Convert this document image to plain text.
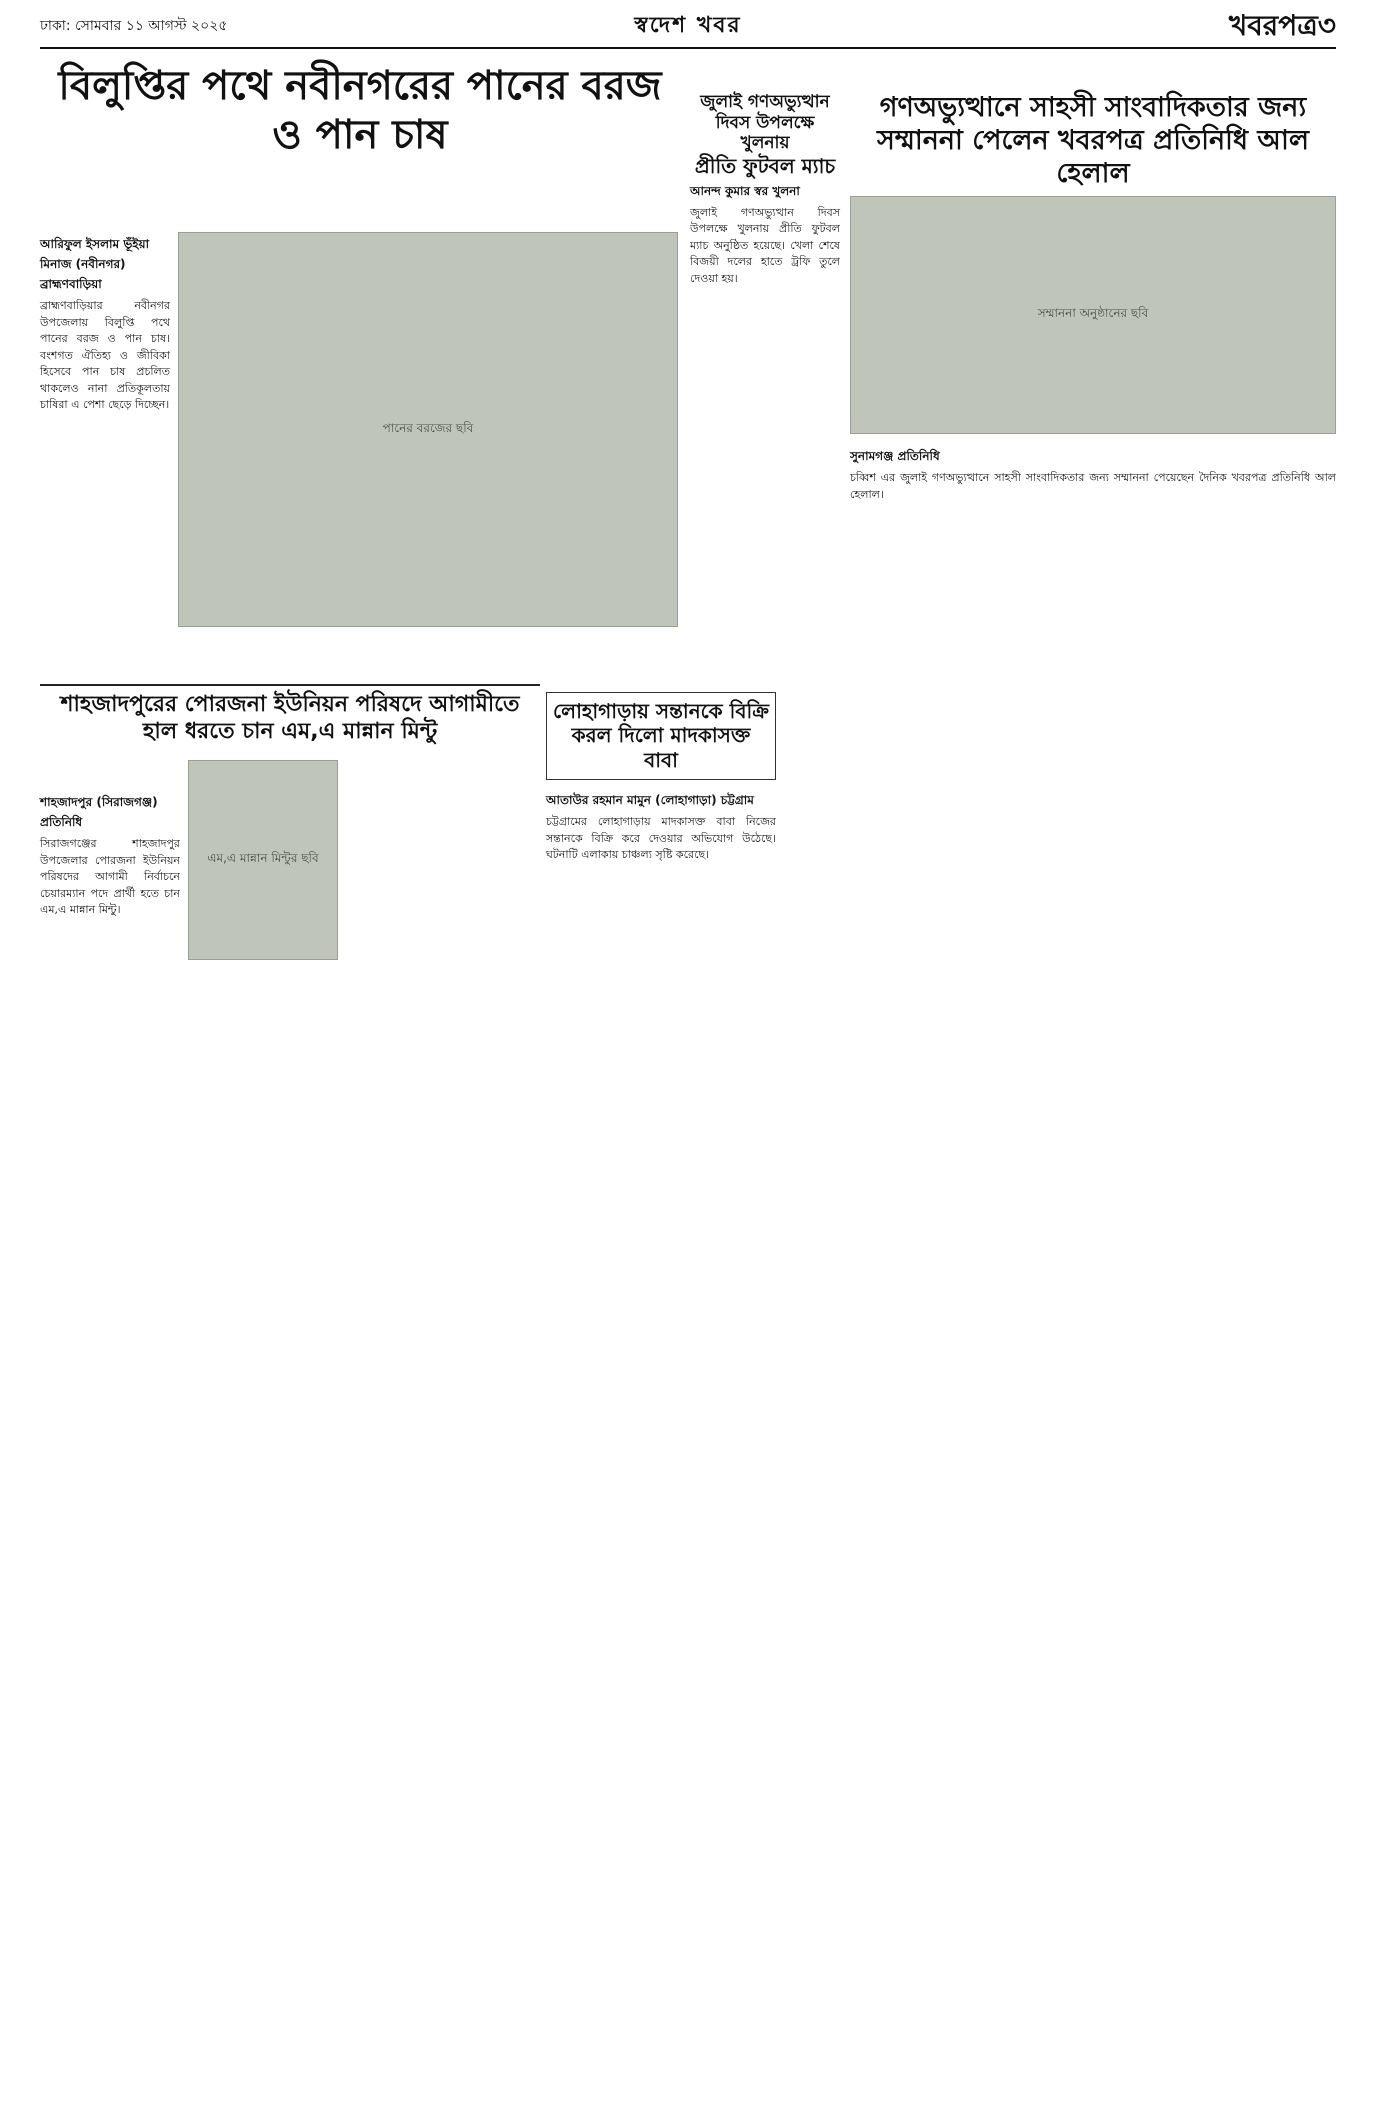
ঢাকা: সোমবার ১১ আগস্ট ২০২৫	স্বদেশ খবর	খবরপত্র৩
বিলুপ্তির পথে নবীনগরের পানের বরজ ও পান চাষ

আরিফুল ইসলাম ভূঁইয়া মিনাজ (নবীনগর) ব্রাহ্মণবাড়িয়া

ব্রাহ্মণবাড়িয়ার নবীনগর উপজেলায় বিলুপ্তি পথে পানের বরজ ও পান চাষ। বংশগত ঐতিহ্য ও জীবিকা হিসেবে পান চাষ প্রচলিত থাকলেও নানা প্রতিকূলতায় চাষিরা এ পেশা ছেড়ে দিচ্ছেন।

পানের বরজের ছবি
জুলাই গণঅভ্যুত্থান দিবস উপলক্ষে খুলনায়
প্রীতি ফুটবল ম্যাচ

আনন্দ কুমার স্বর খুলনা

জুলাই গণঅভ্যুত্থান দিবস উপলক্ষে খুলনায় প্রীতি ফুটবল ম্যাচ অনুষ্ঠিত হয়েছে। খেলা শেষে বিজয়ী দলের হাতে ট্রফি তুলে দেওয়া হয়।

গণঅভ্যুত্থানে সাহসী সাংবাদিকতার জন্য সম্মাননা পেলেন খবরপত্র প্রতিনিধি আল হেলাল
সম্মাননা অনুষ্ঠানের ছবি

সুনামগঞ্জ প্রতিনিধি

চব্বিশ এর জুলাই গণঅভ্যুত্থানে সাহসী সাংবাদিকতার জন্য সম্মাননা পেয়েছেন দৈনিক খবরপত্র প্রতিনিধি আল হেলাল।

শাহজাদপুরের পোরজনা ইউনিয়ন পরিষদে আগামীতে হাল ধরতে চান এম,এ মান্নান মিন্টু

শাহজাদপুর (সিরাজগঞ্জ) প্রতিনিধি

সিরাজগঞ্জের শাহজাদপুর উপজেলার পোরজনা ইউনিয়ন পরিষদের আগামী নির্বাচনে চেয়ারম্যান পদে প্রার্থী হতে চান এম,এ মান্নান মিন্টু।

এম,এ মান্নান মিন্টুর ছবি
লোহাগাড়ায় সন্তানকে বিক্রি করল দিলো মাদকাসক্ত বাবা

আতাউর রহমান মামুন (লোহাগাড়া) চট্টগ্রাম

চট্টগ্রামের লোহাগাড়ায় মাদকাসক্ত বাবা নিজের সন্তানকে বিক্রি করে দেওয়ার অভিযোগ উঠেছে। ঘটনাটি এলাকায় চাঞ্চল্য সৃষ্টি করেছে।
